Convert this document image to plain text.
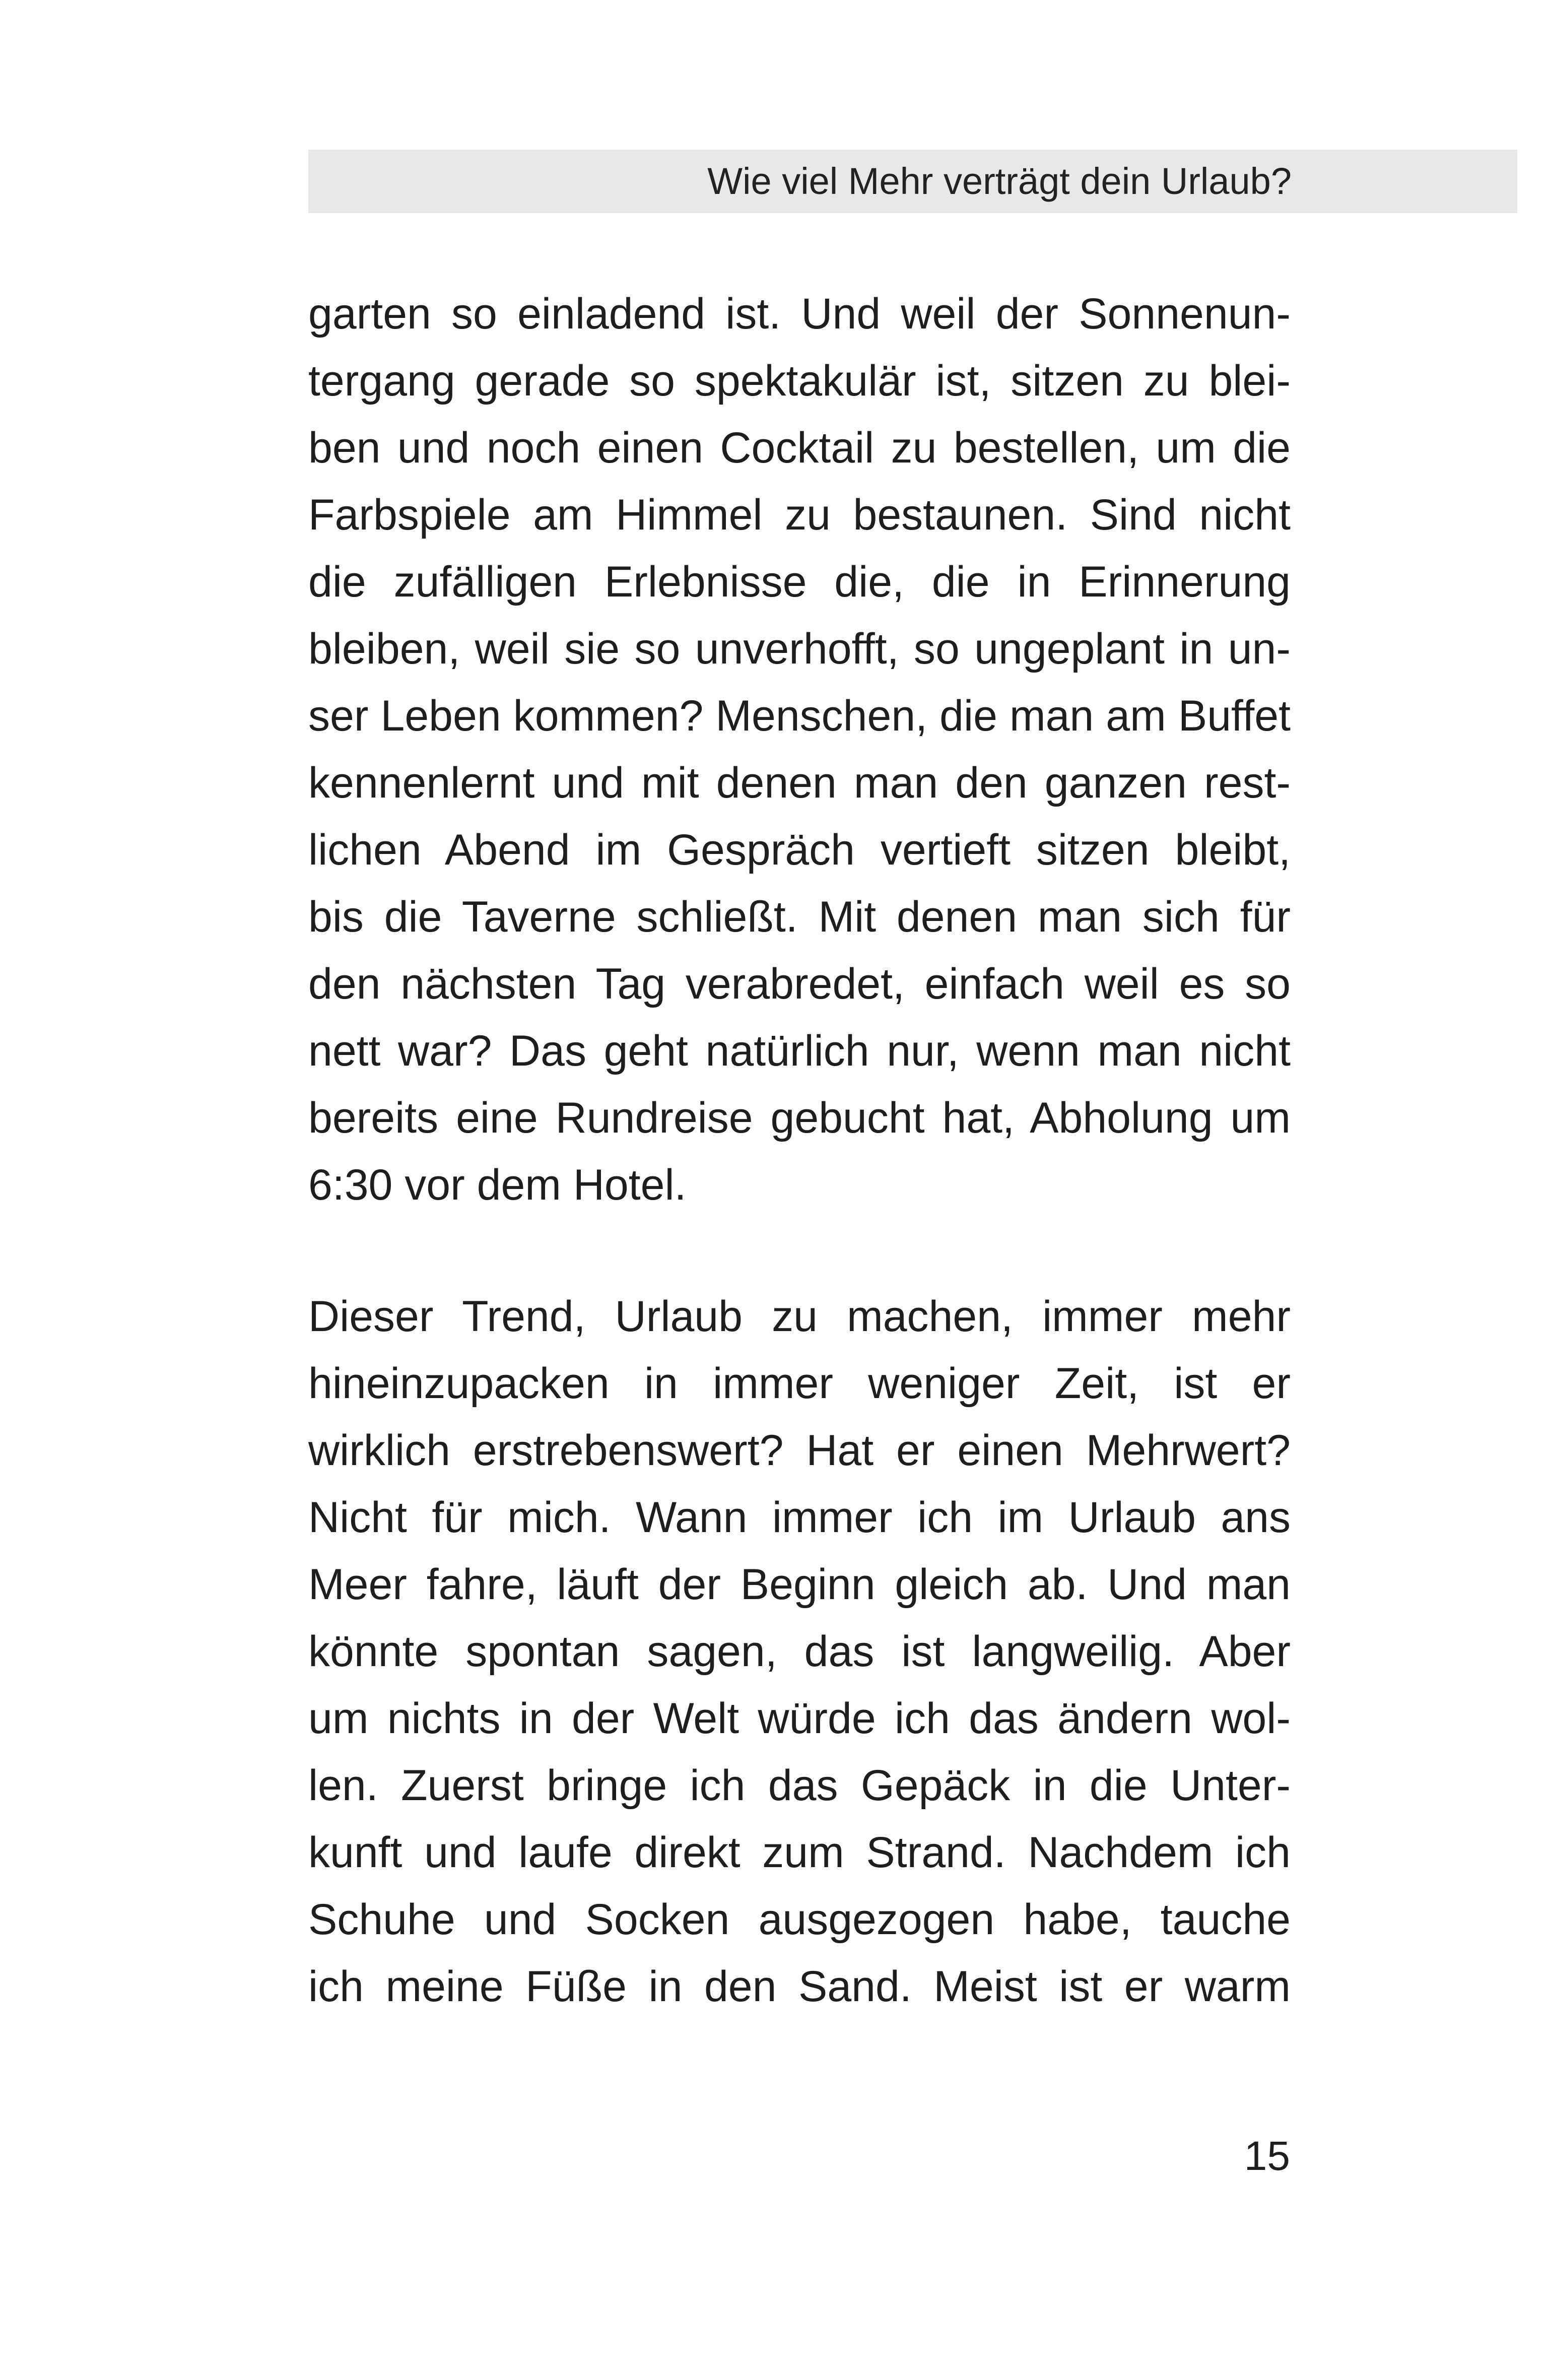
Wie viel Mehr verträgt dein Urlaub?
garten so einladend ist. Und weil der Sonnenun-
tergang gerade so spektakulär ist, sitzen zu blei-
ben und noch einen Cocktail zu bestellen, um die
Farbspiele am Himmel zu bestaunen. Sind nicht
die zufälligen Erlebnisse die, die in Erinnerung
bleiben, weil sie so unverhofft, so ungeplant in un-
ser Leben kommen? Menschen, die man am Buffet
kennenlernt und mit denen man den ganzen rest-
lichen Abend im Gespräch vertieft sitzen bleibt,
bis die Taverne schließt. Mit denen man sich für
den nächsten Tag verabredet, einfach weil es so
nett war? Das geht natürlich nur, wenn man nicht
bereits eine Rundreise gebucht hat, Abholung um
6:30 vor dem Hotel.
Dieser Trend, Urlaub zu machen, immer mehr
hineinzupacken in immer weniger Zeit, ist er
wirklich erstrebenswert? Hat er einen Mehrwert?
Nicht für mich. Wann immer ich im Urlaub ans
Meer fahre, läuft der Beginn gleich ab. Und man
könnte spontan sagen, das ist langweilig. Aber
um nichts in der Welt würde ich das ändern wol-
len. Zuerst bringe ich das Gepäck in die Unter-
kunft und laufe direkt zum Strand. Nachdem ich
Schuhe und Socken ausgezogen habe, tauche
ich meine Füße in den Sand. Meist ist er warm
15
